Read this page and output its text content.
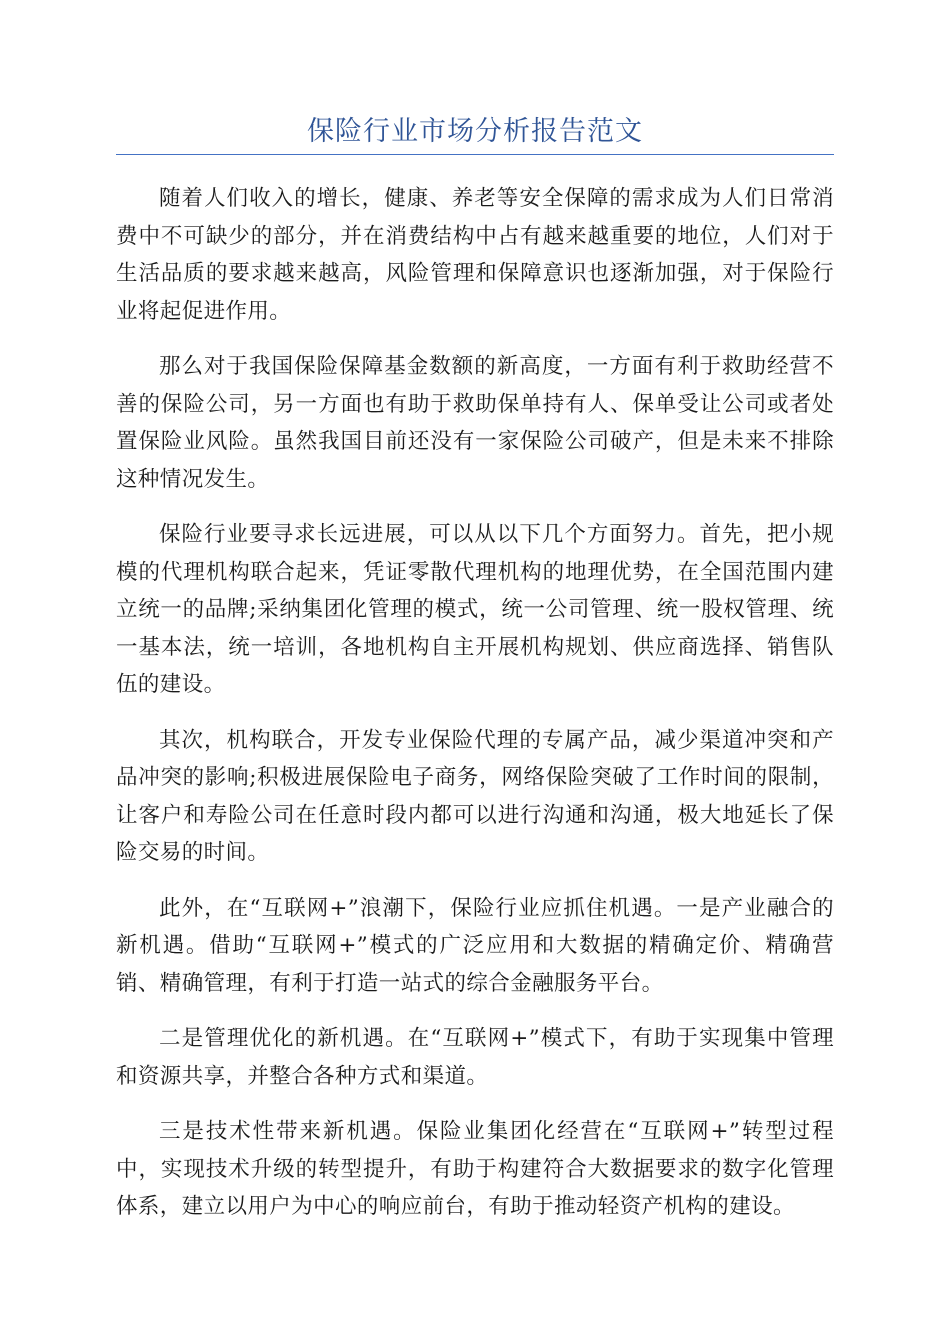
保险行业市场分析报告范文

随着人们收入的增长，健康、养老等安全保障的需求成为人们日常消费中不可缺少的部分，并在消费结构中占有越来越重要的地位，人们对于生活品质的要求越来越高，风险管理和保障意识也逐渐加强，对于保险行业将起促进作用。

那么对于我国保险保障基金数额的新高度，一方面有利于救助经营不善的保险公司，另一方面也有助于救助保单持有人、保单受让公司或者处置保险业风险。虽然我国目前还没有一家保险公司破产，但是未来不排除这种情况发生。

保险行业要寻求长远进展，可以从以下几个方面努力。首先，把小规模的代理机构联合起来，凭证零散代理机构的地理优势，在全国范围内建立统一的品牌;采纳集团化管理的模式，统一公司管理、统一股权管理、统一基本法，统一培训，各地机构自主开展机构规划、供应商选择、销售队伍的建设。

其次，机构联合，开发专业保险代理的专属产品，减少渠道冲突和产品冲突的影响;积极进展保险电子商务，网络保险突破了工作时间的限制，让客户和寿险公司在任意时段内都可以进行沟通和沟通，极大地延长了保险交易的时间。

此外，在“互联网+”浪潮下，保险行业应抓住机遇。一是产业融合的新机遇。借助“互联网+”模式的广泛应用和大数据的精确定价、精确营销、精确管理，有利于打造一站式的综合金融服务平台。

二是管理优化的新机遇。在“互联网+”模式下，有助于实现集中管理和资源共享，并整合各种方式和渠道。

三是技术性带来新机遇。保险业集团化经营在“互联网+”转型过程中，实现技术升级的转型提升，有助于构建符合大数据要求的数字化管理体系，建立以用户为中心的响应前台，有助于推动轻资产机构的建设。
